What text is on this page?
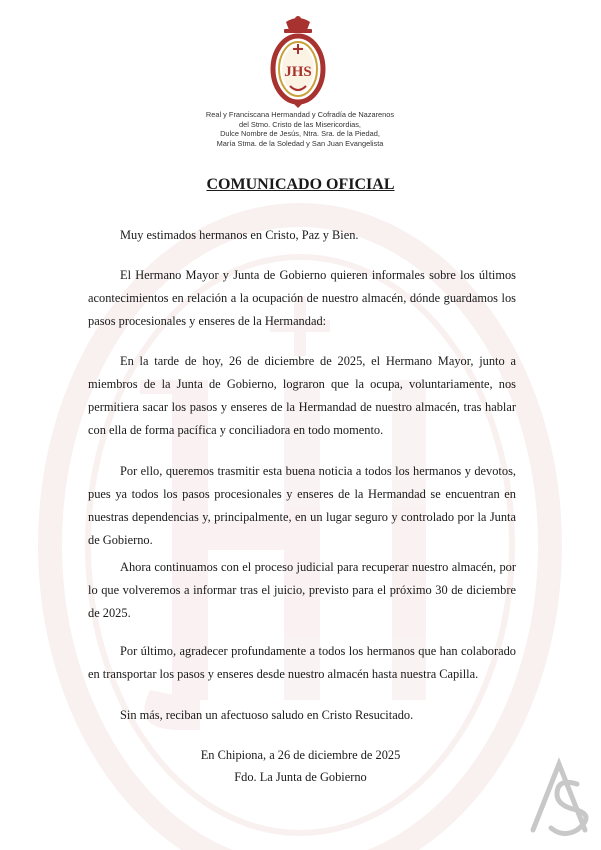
JHS
Real y Franciscana Hermandad y Cofradía de Nazarenos
del Stmo. Cristo de las Misericordias,
Dulce Nombre de Jesús, Ntra. Sra. de la Piedad,
María Stma. de la Soledad y San Juan Evangelista
COMUNICADO OFICIAL
Muy estimados hermanos en Cristo, Paz y Bien.
El Hermano Mayor y Junta de Gobierno quieren informales sobre los últimos acontecimientos en relación a la ocupación de nuestro almacén, dónde guardamos los pasos procesionales y enseres de la Hermandad:
En la tarde de hoy, 26 de diciembre de 2025, el Hermano Mayor, junto a miembros de la Junta de Gobierno, lograron que la ocupa, voluntariamente, nos permitiera sacar los pasos y enseres de la Hermandad de nuestro almacén, tras hablar con ella de forma pacífica y conciliadora en todo momento.
Por ello, queremos trasmitir esta buena noticia a todos los hermanos y devotos, pues ya todos los pasos procesionales y enseres de la Hermandad se encuentran en nuestras dependencias y, principalmente, en un lugar seguro y controlado por la Junta de Gobierno.
Ahora continuamos con el proceso judicial para recuperar nuestro almacén, por lo que volveremos a informar tras el juicio, previsto para el próximo 30 de diciembre de 2025.
Por último, agradecer profundamente a todos los hermanos que han colaborado en transportar los pasos y enseres desde nuestro almacén hasta nuestra Capilla.
Sin más, reciban un afectuoso saludo en Cristo Resucitado.
En Chipiona, a 26 de diciembre de 2025
Fdo. La Junta de Gobierno
